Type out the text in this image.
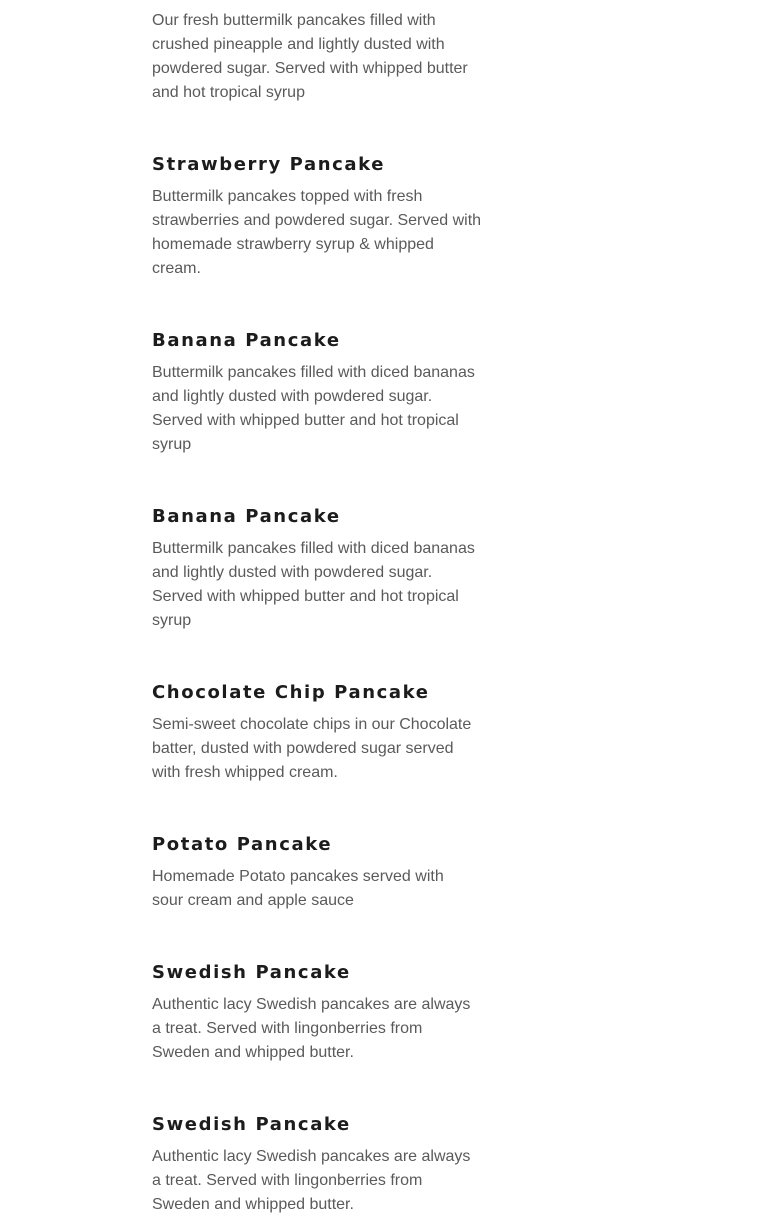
Our fresh buttermilk pancakes filled with
crushed pineapple and lightly dusted with
powdered sugar. Served with whipped butter
and hot tropical syrup

Strawberry Pancake

Buttermilk pancakes topped with fresh
strawberries and powdered sugar. Served with
homemade strawberry syrup & whipped
cream.

Banana Pancake

Buttermilk pancakes filled with diced bananas
and lightly dusted with powdered sugar.
Served with whipped butter and hot tropical
syrup

Banana Pancake

Buttermilk pancakes filled with diced bananas
and lightly dusted with powdered sugar.
Served with whipped butter and hot tropical
syrup

Chocolate Chip Pancake

Semi-sweet chocolate chips in our Chocolate
batter, dusted with powdered sugar served
with fresh whipped cream.

Potato Pancake

Homemade Potato pancakes served with
sour cream and apple sauce

Swedish Pancake

Authentic lacy Swedish pancakes are always
a treat. Served with lingonberries from
Sweden and whipped butter.

Swedish Pancake

Authentic lacy Swedish pancakes are always
a treat. Served with lingonberries from
Sweden and whipped butter.
